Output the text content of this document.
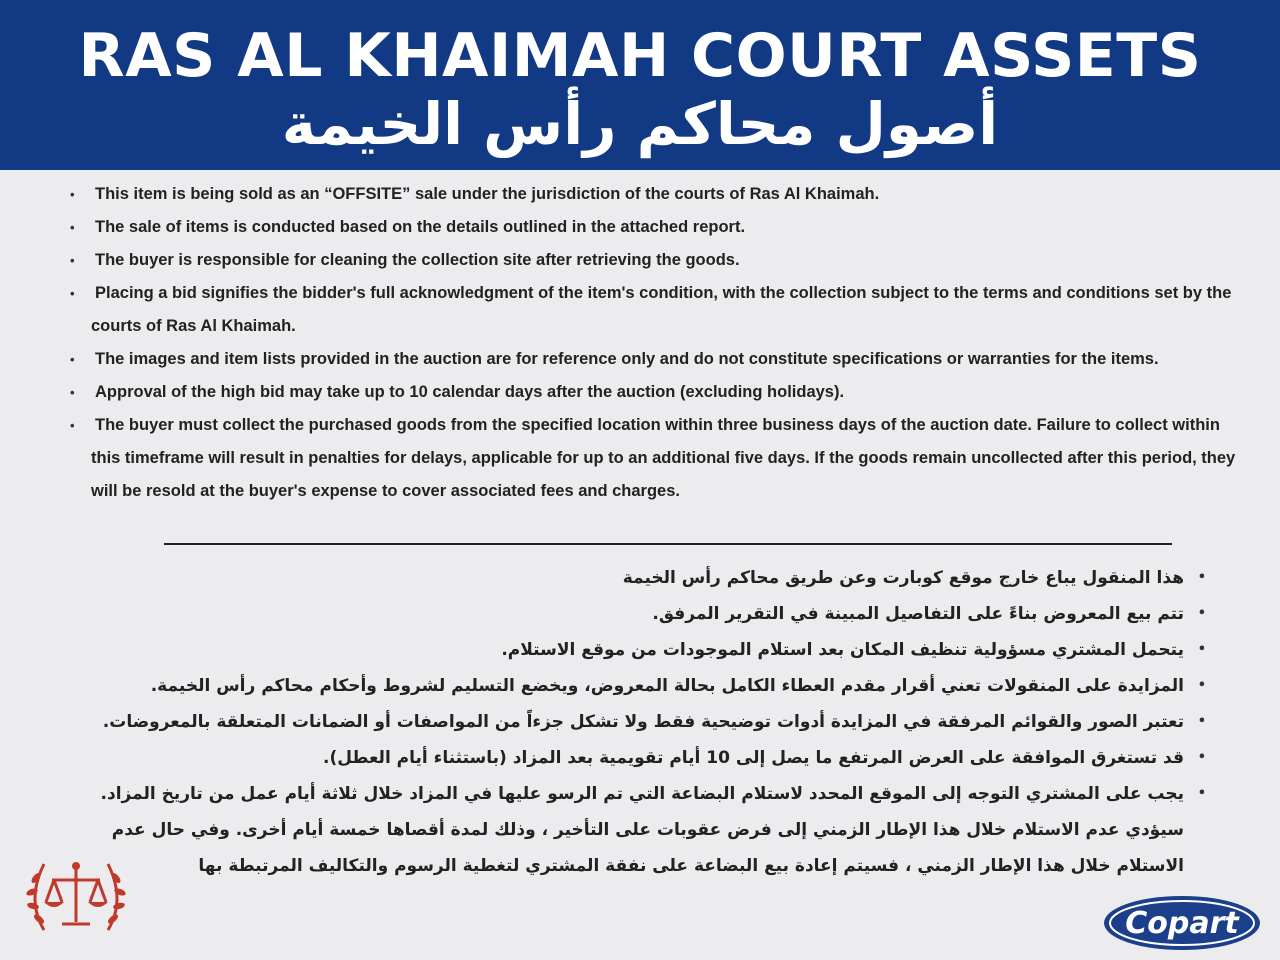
RAS AL KHAIMAH COURT ASSETS
أصول محاكم رأس الخيمة
• This item is being sold as an “OFFSITE” sale under the jurisdiction of the courts of Ras Al Khaimah.
• The sale of items is conducted based on the details outlined in the attached report.
• The buyer is responsible for cleaning the collection site after retrieving the goods.
• Placing a bid signifies the bidder's full acknowledgment of the item's condition, with the collection subject to the terms and conditions set by the courts of Ras Al Khaimah.
• The images and item lists provided in the auction are for reference only and do not constitute specifications or warranties for the items.
• Approval of the high bid may take up to 10 calendar days after the auction (excluding holidays).
• The buyer must collect the purchased goods from the specified location within three business days of the auction date. Failure to collect within this timeframe will result in penalties for delays, applicable for up to an additional five days. If the goods remain uncollected after this period, they will be resold at the buyer's expense to cover associated fees and charges.
• هذا المنقول يباع خارج موقع كوبارت وعن طريق محاكم رأس الخيمة
• تتم بيع المعروض بناءً على التفاصيل المبينة في التقرير المرفق.
• يتحمل المشتري مسؤولية تنظيف المكان بعد استلام الموجودات من موقع الاستلام.
• المزايدة على المنقولات تعني أقرار مقدم العطاء الكامل بحالة المعروض، ويخضع التسليم لشروط وأحكام محاكم رأس الخيمة.
• تعتبر الصور والقوائم المرفقة في المزايدة أدوات توضيحية فقط ولا تشكل جزءاً من المواصفات أو الضمانات المتعلقة بالمعروضات.
• قد تستغرق الموافقة على العرض المرتفع ما يصل إلى 10 أيام تقويمية بعد المزاد (باستثناء أيام العطل).
• يجب على المشتري التوجه إلى الموقع المحدد لاستلام البضاعة التي تم الرسو عليها في المزاد خلال ثلاثة أيام عمل من تاريخ المزاد. سيؤدي عدم الاستلام خلال هذا الإطار الزمني إلى فرض عقوبات على التأخير ، وذلك لمدة أقصاها خمسة أيام أخرى. وفي حال عدم الاستلام خلال هذا الإطار الزمني ، فسيتم إعادة بيع البضاعة على نفقة المشتري لتغطية الرسوم والتكاليف المرتبطة بها
Copart
